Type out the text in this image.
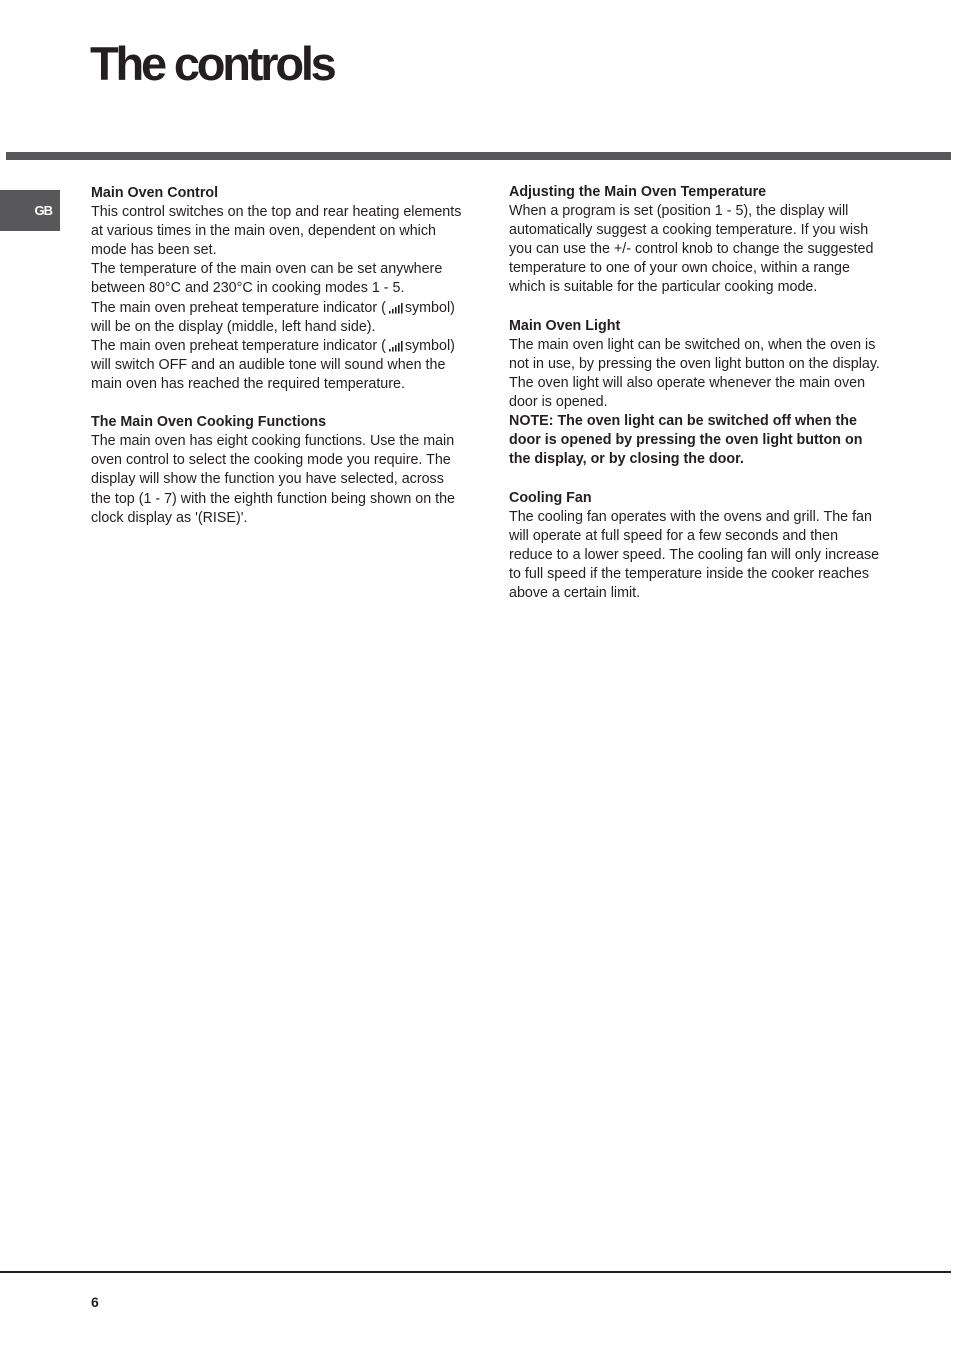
The controls
GB
Main Oven Control
This control switches on the top and rear heating elements at various times in the main oven, dependent on which mode has been set.
The temperature of the main oven can be set anywhere between 80°C and 230°C in cooking modes 1 - 5.
The main oven preheat temperature indicator ( symbol) will be on the display (middle, left hand side).
The main oven preheat temperature indicator ( symbol) will switch OFF and an audible tone will sound when the main oven has reached the required temperature.
The Main Oven Cooking Functions
The main oven has eight cooking functions. Use the main oven control to select the cooking mode you require. The display will show the function you have selected, across the top (1 - 7) with the eighth function being shown on the clock display as '(RISE)'.
Adjusting the Main Oven Temperature
When a program is set (position 1 - 5), the display will automatically suggest a cooking temperature. If you wish you can use the +/- control knob to change the suggested temperature to one of your own choice, within a range which is suitable for the particular cooking mode.
Main Oven Light
The main oven light can be switched on, when the oven is not in use, by pressing the oven light button on the display. The oven light will also operate whenever the main oven door is opened.
NOTE: The oven light can be switched off when the door is opened by pressing the oven light button on the display, or by closing the door.
Cooling Fan
The cooling fan operates with the ovens and grill. The fan will operate at full speed for a few seconds and then reduce to a lower speed. The cooling fan will only increase to full speed if the temperature inside the cooker reaches above a certain limit.
6
